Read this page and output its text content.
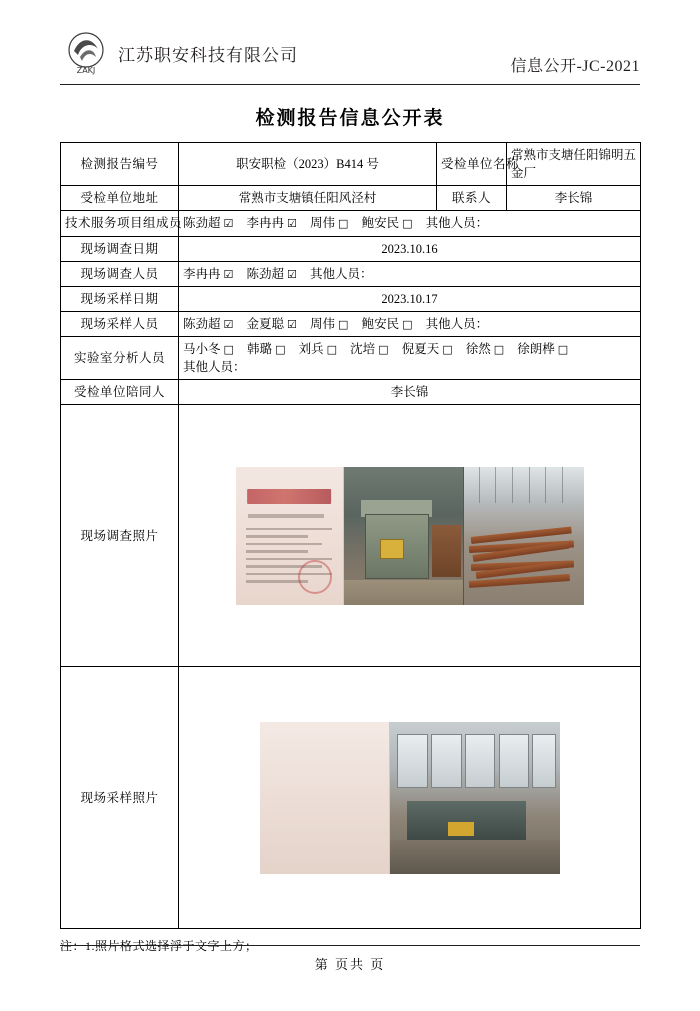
ZAKJ
江苏职安科技有限公司
信息公开-JC-2021
检测报告信息公开表
检测报告编号	职安职检（2023）B414 号	受检单位名称	常熟市支塘任阳锦明五金厂
受检单位地址	常熟市支塘镇任阳风泾村	联系人	李长锦
技术服务项目组成员	陈劲超 ☑ 李冉冉 ☑ 周伟 □ 鲍安民 □ 其他人员：		
现场调查日期	2023.10.16		
现场调查人员	李冉冉 ☑ 陈劲超 ☑ 其他人员：		
现场采样日期	2023.10.17		
现场采样人员	陈劲超 ☑ 金夏聪 ☑ 周伟 □ 鲍安民 □ 其他人员：		
实验室分析人员	马小冬 □ 韩璐 □ 刘兵 □ 沈培 □ 倪夏天 □ 徐然 □ 徐朗桦 □
其他人员：		

受检单位陪同人	李长锦		
现场调查照片			

现场采样照片			
注：1.照片格式选择浮于文字上方；
第 页共 页
